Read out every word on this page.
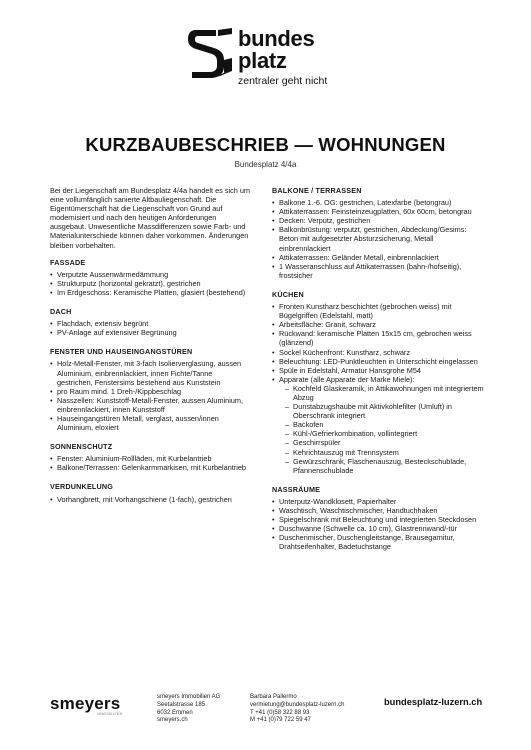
bundes
platz
zentraler geht nicht
KURZBAUBESCHRIEB — WOHNUNGEN
Bundesplatz 4/4a

Bei der Liegenschaft am Bundesplatz 4/4a handelt es sich um eine vollumfänglich sanierte Altbauliegenschaft. Die Eigentümerschaft hat die Liegenschaft von Grund auf modernisiert und nach den heutigen Anforderungen ausgebaut. Unwesentliche Massdifferenzen sowie Farb- und Materialunterschiede können daher vorkommen. Änderungen bleiben vorbehalten.

FASSADE
• Verputzte Aussenwärmedämmung
• Strukturputz (horizontal gekratzt), gestrichen
• Im Erdgeschoss: Keramische Platten, glasiert (bestehend)
DACH
• Flachdach, extensiv begrünt
• PV-Anlage auf extensiver Begrünung
FENSTER UND HAUSEINGANGSTÜREN
• Holz-Metall-Fenster, mit 3-fach Isolierverglasung, aussen Aluminium, einbrennlackiert, innen Fichte/Tanne gestrichen, Fenstersims bestehend aus Kunststein
• pro Raum mind. 1 Dreh-/Kippbeschlag
• Nasszellen: Kunststoff-Metall-Fenster, aussen Aluminium, einbrennlackiert, innen Kunststoff
• Hauseingangstüren Metall, verglast, aussen/innen Aluminium, eloxiert
SONNENSCHUTZ
• Fenster: Aluminium-Rollläden, mit Kurbelantrieb
• Balkone/Terrassen: Gelenkarmmarkisen, mit Kurbelantrieb
VERDUNKELUNG
• Vorhangbrett, mit Vorhangschiene (1-fach), gestrichen
BALKONE / TERRASSEN
• Balkone 1.-6. OG: gestrichen, Latexfarbe (betongrau)
• Attikaterrassen: Feinsteinzeugplatten, 60x 60cm, betongrau
• Decken: Verputz, gestrichen
• Balkonbrüstung: verputzt, gestrichen, Abdeckung/Gesims: Beton mit aufgesetzter Absturzsicherung, Metall einbrennlackiert
• Attikaterrassen: Geländer Metall, einbrennlackiert
• 1 Wasseranschluss auf Attikaterrassen (bahn-/hofseitig), frostsicher
KÜCHEN
• Fronten Kunstharz beschichtet (gebrochen weiss) mit Bügelgriffen (Edelstahl, matt)
• Arbeitsfläche: Granit, schwarz
• Rückwand: keramische Platten 15x15 cm, gebrochen weiss (glänzend)
• Sockel Küchenfront: Kunstharz, schwarz
• Beleuchtung: LED-Punktleuchten in Unterschicht eingelassen
• Spüle in Edelstahl, Armatur Hansgrohe M54
• Apparate (alle Apparate der Marke Miele):
– Kochfeld Glaskeramik, in Attikawohnungen mit integriertem Abzug
– Dunstabzugshaube mit Aktivkohlefilter (Umluft) in Oberschrank integriert
– Backofen
– Kühl-/Gefrierkombination, vollintegriert
– Geschirrspüler
– Kehrichtauszug mit Trennsystem
– Gewürzschrank, Flaschenauszug, Besteckschublade, Pfannenschublade
NASSRÄUME
• Unterputz-Wandklosett, Papierhalter
• Waschtisch, Waschtischmischer, Handtuchhaken
• Spiegelschrank mit Beleuchtung und integrierten Steckdosen
• Duschwanne (Schwelle ca. 10 cm), Glastrennwand/-tür
• Duschenmischer, Duschengleitstange, Brausegarnitur, Drahtseifenhalter, Badetuchstange
smeyers
IMMOBILIEN
smeyers Immobilien AG
Seetalstrasse 185
6032 Emmen
smeyers.ch
Barbara Pallermo
vermietung@bundesplatz-luzern.ch
T +41 (0)58 322 88 93
M +41 (0)79 722 59 47
bundesplatz-luzern.ch
